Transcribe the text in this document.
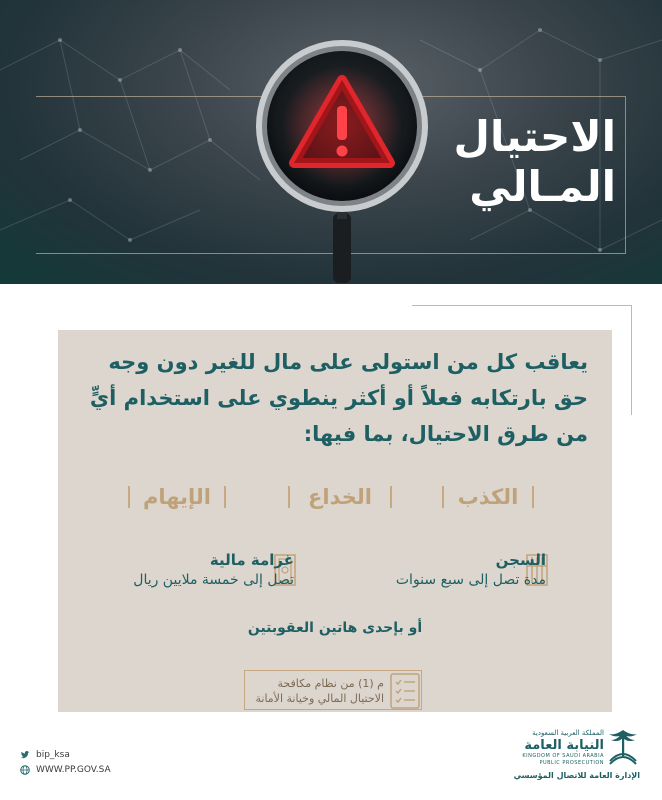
الاحتيال
المـالي
يعاقب كل من استولى على مال للغير دون وجه حق بارتكابه فعلاً أو أكثر ينطوي على استخدام أيٍّ من طرق الاحتيال، بما فيها:
الكذب
الخداع
الإيهام
السجن
مدة تصل إلى سبع سنوات
غرامة مالية
تصل إلى خمسة ملايين ريال
أو بإحدى هاتين العقوبتين
م (1) من نظام مكافحة
الاحتيال المالي وخيانة الأمانة
bip_ksa
WWW.PP.GOV.SA
المملكة العربية السعودية
النيابة العامة
KINGDOM OF SAUDI ARABIA
PUBLIC PROSECUTION
الإدارة العامة للاتصال المؤسسي
